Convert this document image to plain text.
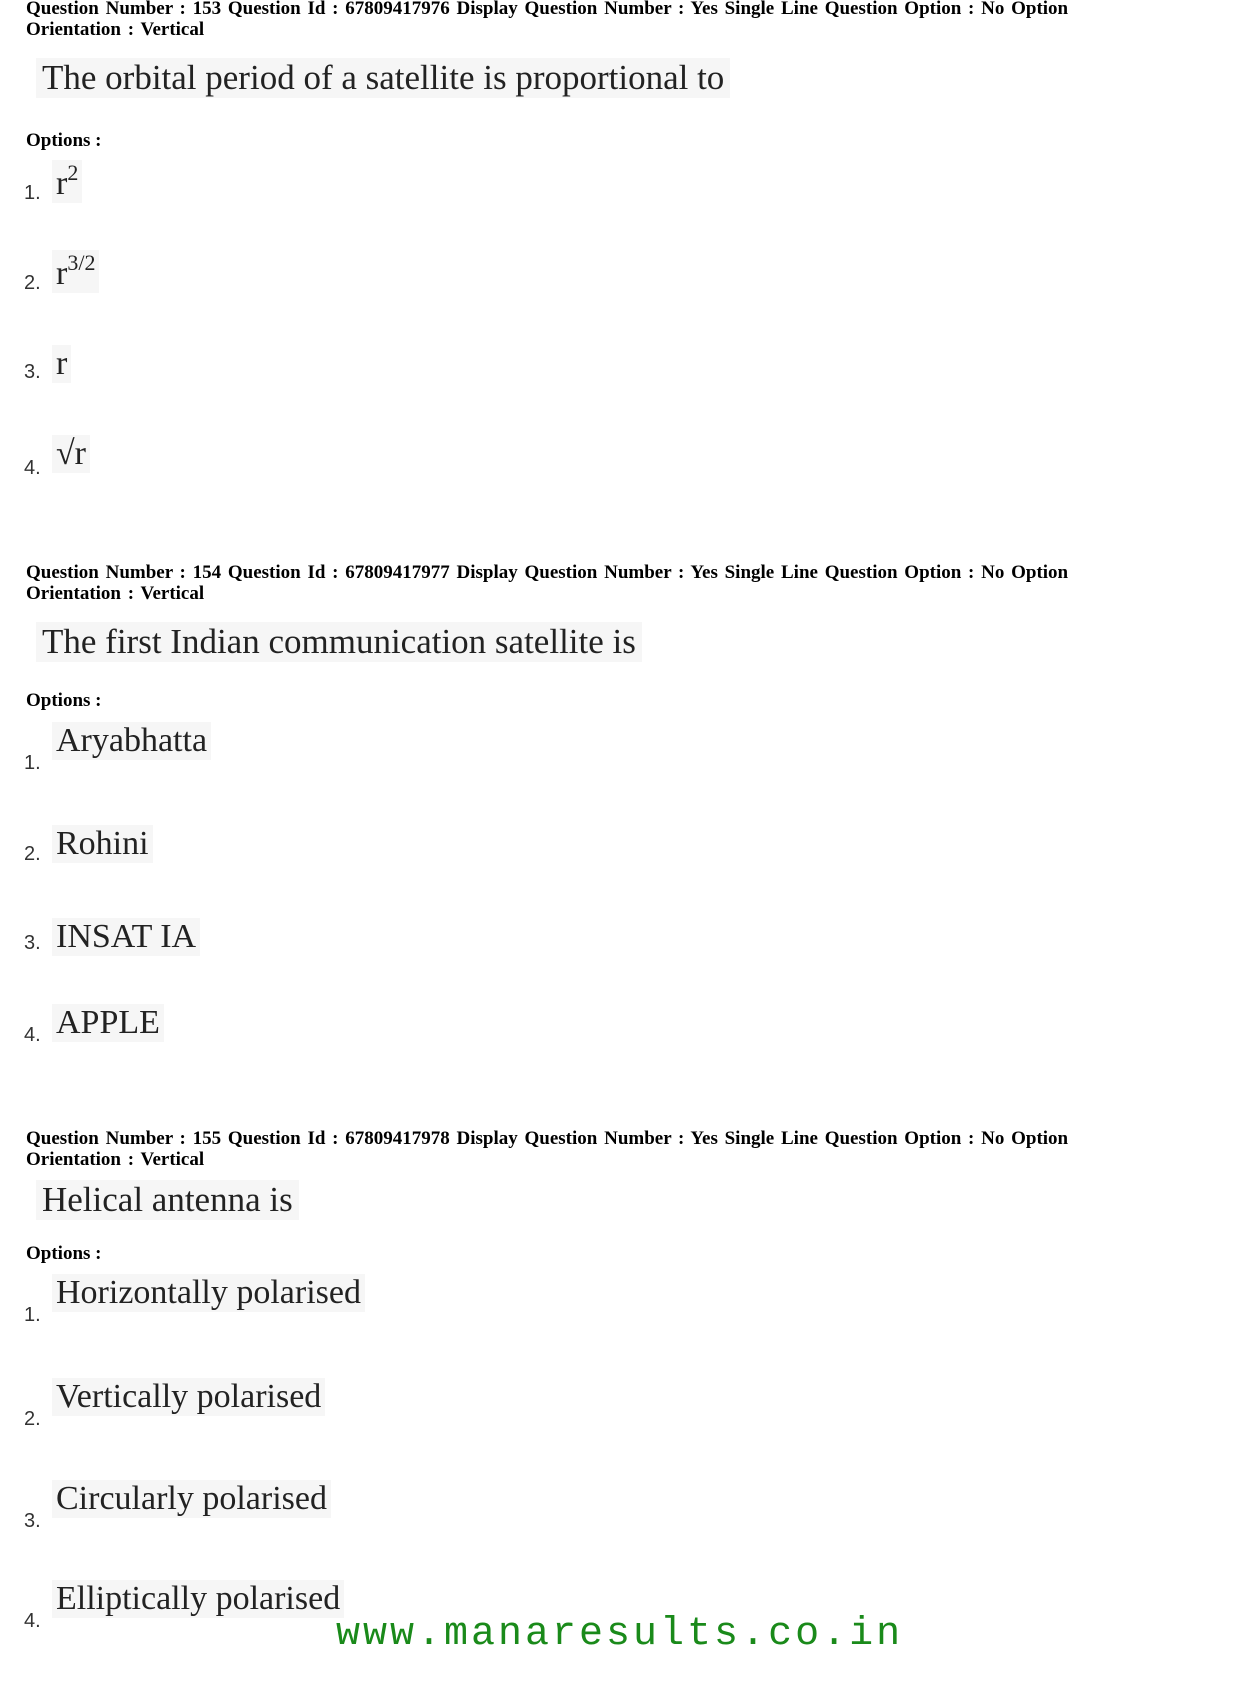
Question Number : 153 Question Id : 67809417976 Display Question Number : Yes Single Line Question Option : No Option
Orientation : Vertical
The orbital period of a satellite is proportional to
Options :
1. $r^2$
2. $r^{3/2}$
3. r
4. √r
Question Number : 154 Question Id : 67809417977 Display Question Number : Yes Single Line Question Option : No Option
Orientation : Vertical
The first Indian communication satellite is
Options :
1.
Aryabhatta
2. Rohini
3. INSAT IA
4. APPLE
Question Number : 155 Question Id : 67809417978 Display Question Number : Yes Single Line Question Option : No Option
Orientation : Vertical
Helical antenna is
Options :
1.
Horizontally polarised
2.
Vertically polarised
3.
Circularly polarised
4.
Elliptically polarised
www.manaresults.co.in
